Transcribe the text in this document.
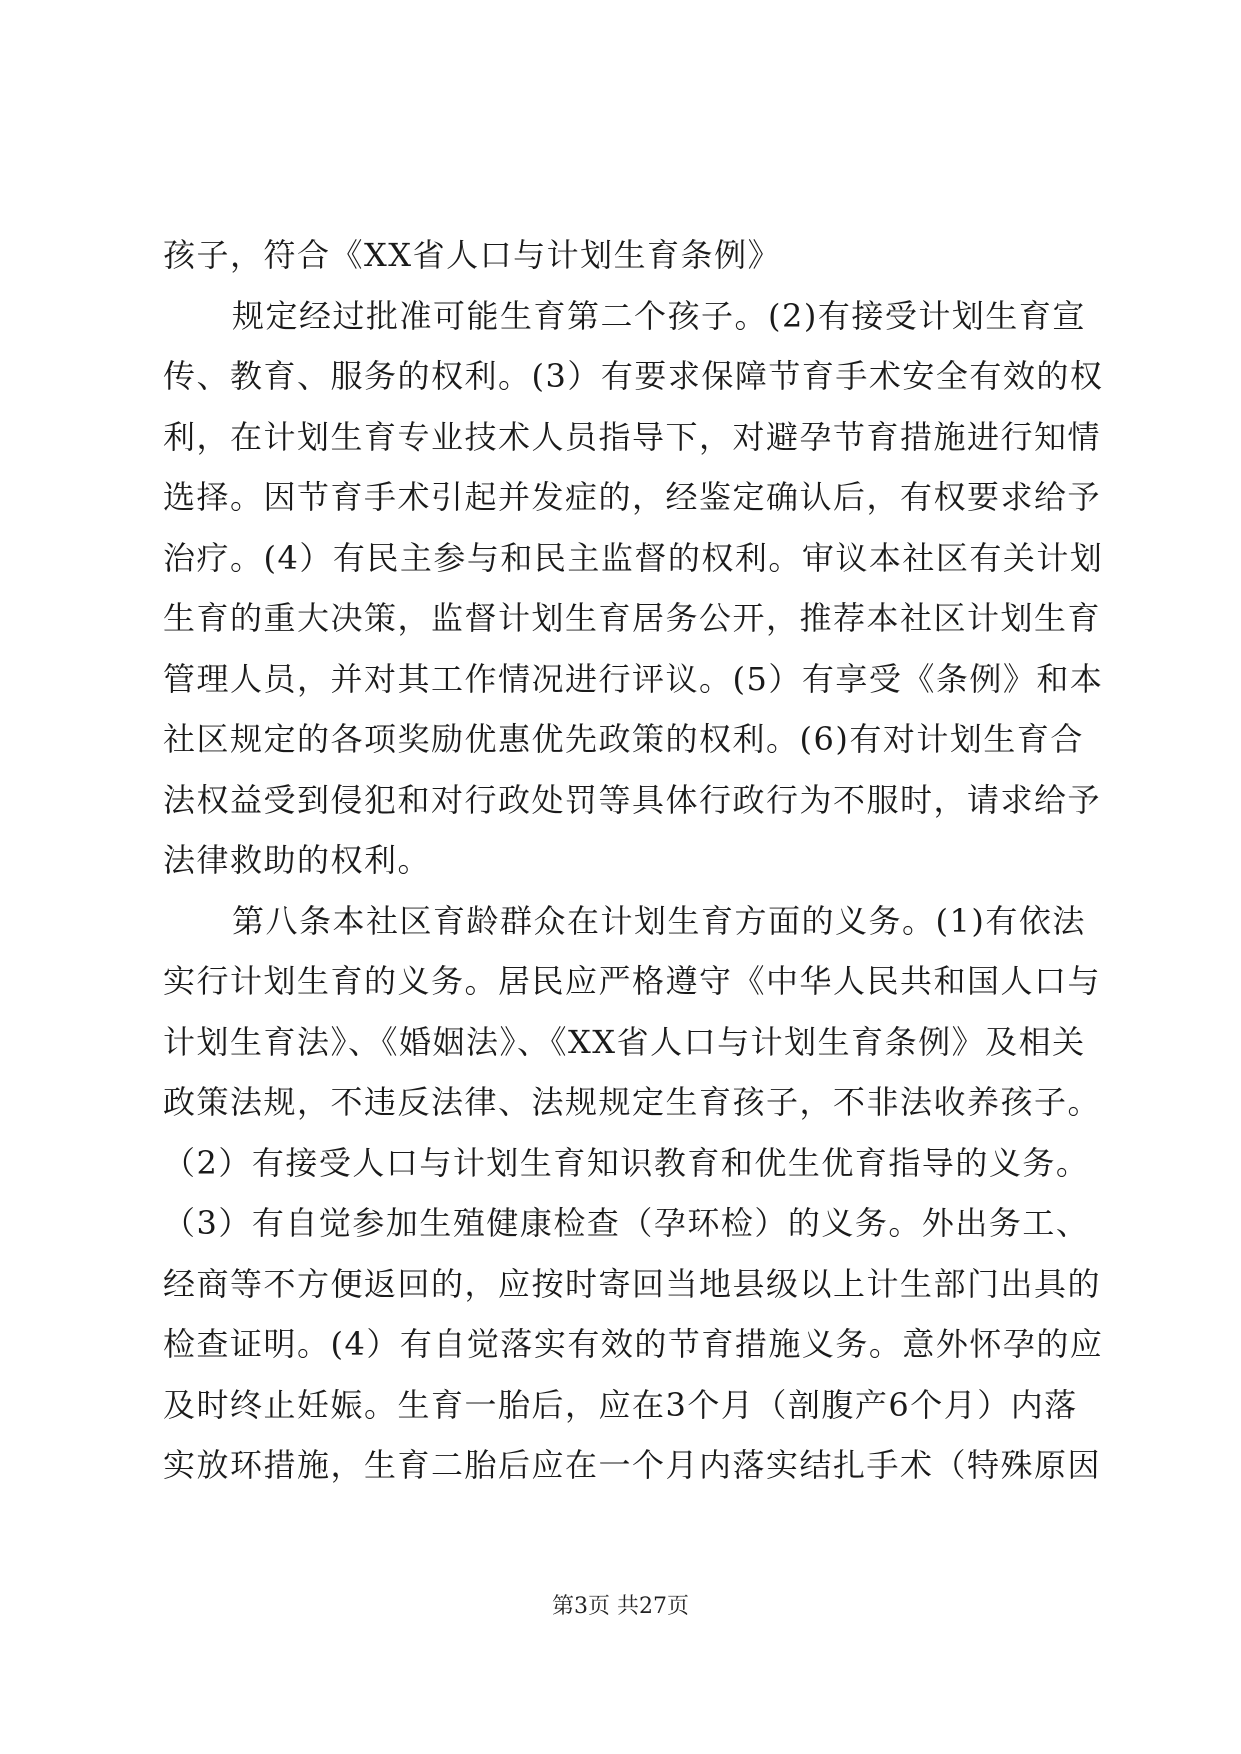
孩子，符合《XX省人口与计划生育条例》
规定经过批准可能生育第二个孩子。(2)有接受计划生育宣
传、教育、服务的权利。(3）有要求保障节育手术安全有效的权
利，在计划生育专业技术人员指导下，对避孕节育措施进行知情
选择。因节育手术引起并发症的，经鉴定确认后，有权要求给予
治疗。(4）有民主参与和民主监督的权利。审议本社区有关计划
生育的重大决策，监督计划生育居务公开，推荐本社区计划生育
管理人员，并对其工作情况进行评议。(5）有享受《条例》和本
社区规定的各项奖励优惠优先政策的权利。(6)有对计划生育合
法权益受到侵犯和对行政处罚等具体行政行为不服时，请求给予
法律救助的权利。
第八条本社区育龄群众在计划生育方面的义务。(1)有依法
实行计划生育的义务。居民应严格遵守《中华人民共和国人口与
计划生育法》、《婚姻法》、《XX省人口与计划生育条例》及相关
政策法规，不违反法律、法规规定生育孩子，不非法收养孩子。
（2）有接受人口与计划生育知识教育和优生优育指导的义务。
（3）有自觉参加生殖健康检查（孕环检）的义务。外出务工、
经商等不方便返回的，应按时寄回当地县级以上计生部门出具的
检查证明。(4）有自觉落实有效的节育措施义务。意外怀孕的应
及时终止妊娠。生育一胎后，应在3个月（剖腹产6个月）内落
实放环措施，生育二胎后应在一个月内落实结扎手术（特殊原因
第3页 共27页
